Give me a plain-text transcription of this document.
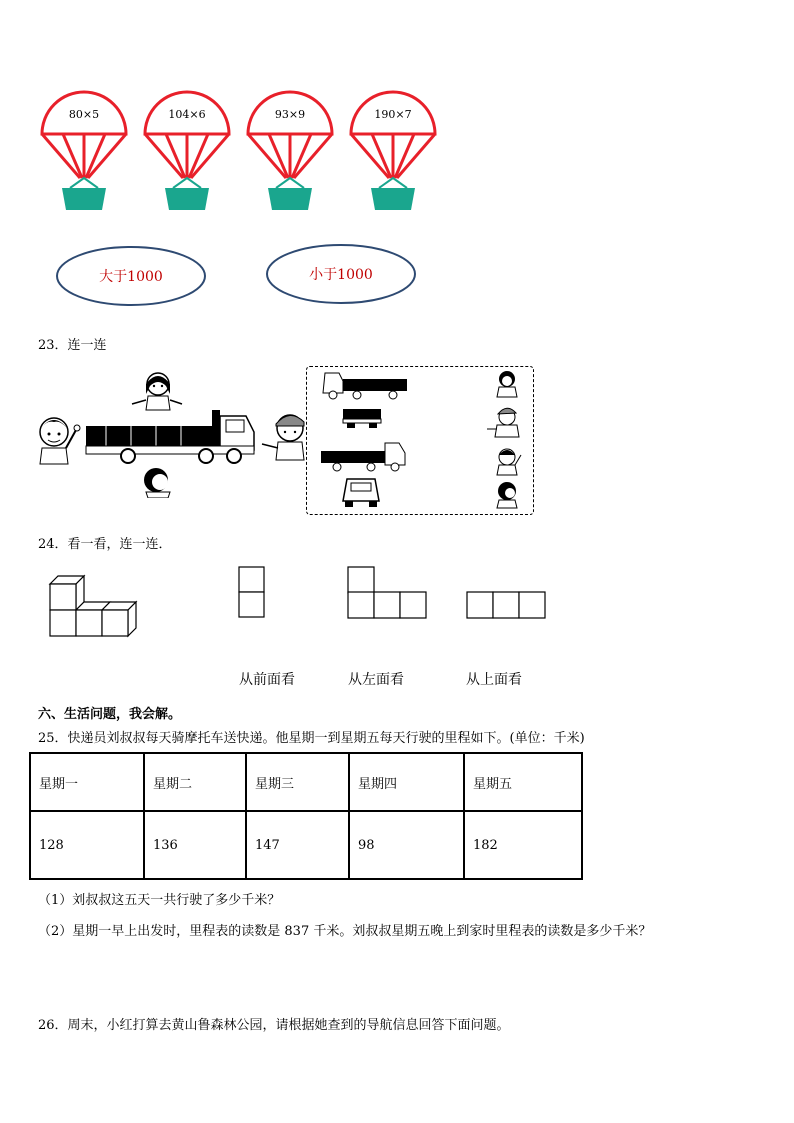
80×5	104×6	93×9	190×7
大于1000	小于1000
23．连一连
24．看一看，连一连．
从前面看	从左面看	从上面看
六、生活问题，我会解。
25．快递员刘叔叔每天骑摩托车送快递。他星期一到星期五每天行驶的里程如下。(单位：千米)
星期一	星期二	星期三	星期四	星期五
128	136	147	98	182
（1）刘叔叔这五天一共行驶了多少千米？
（2）星期一早上出发时，里程表的读数是 837 千米。刘叔叔星期五晚上到家时里程表的读数是多少千米？
26．周末，小红打算去黄山鲁森林公园，请根据她查到的导航信息回答下面问题。
